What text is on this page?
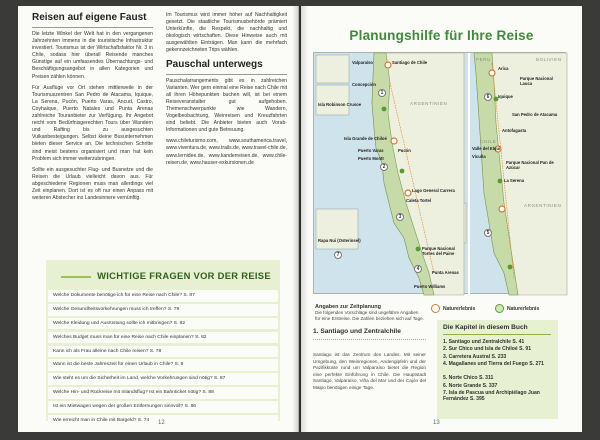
Reisen auf eigene Faust

Die letzte Winkel der Welt hat in den vergangenen Jahrzehnten immens in die touristische Infrastruktur investiert. Tourismus ist der Wirtschaftsfaktor Nr. 3 in Chile, sodass hier überall Reisende manches Günstige auf ein umfassendes Übernachtungs- und Beschäftigungsangebot in allen Kategorien und Preisen zählen können.

Für Ausflüge vor Ort stehen mittlerweile in der Tourismuszentren San Pedro de Atacama, Iquique, La Serena, Pucón, Puerto Varas, Ancud, Castro, Coyhaique, Puerto Natales und Punta Arenas zahlreiche Touranbieter zur Verfügung. Ihr Angebot reicht vom Bedürfnisgerechten Tours über Wandern und Rafting bis zu ausgesuchten Vulkanbesteigungen. Selbst kleine Busunternehmen bieten dieser Service an. Die technischen Schritte sind meist bestens organisiert und man hat kein Problem sich immer weiterzubringen.

Sollte ein ausgesuchter Flug- und Busnetze und die Reisen die Urlaub vielleicht davon aus. Für abgeschiedene Regionen muss man allerdings viel Zeit einplanen. Dort ist es oft nur einen Anpass mit weiteren Abstecher ins Landesinnere vernünftig.

Im Tourismus wird immer höher auf Nachhaltigkeit gesetzt. Die staatliche Tourismusbehörde prämiert Unterkünfte, die Respekt, die nachhaltig und ökologisch wirtschaften. Diese Hinweise auch mit ausgewählten Einträgen. Man kann die mehrfach gekennzeichneten Trips wählen.

Pauschal unterwegs

Pauschalarrangements gibt es in zahlreichen Varianten. Wer gern einmal eine Reise nach Chile mit all ihren Höhepunkten buchen will, ist bei einem Reiseveranstalter gut aufgehoben. Themenschwerpunkte wie Wandern, Vogelbeobachtung, Weinreisen und Kreuzfahrten sind beliebt. Die Anbieter bieten auch Vorab-Informationen und gute Betreuung.

www.chileturismo.com, www.southamerica.travel, www.viventura.de, www.trails.de, www.travel-chile.de, www.lernidee.de, www.kanderreisen.de, www.chile-reisen.de, www.hauser-exkursionen.de

WICHTIGE FRAGEN VOR DER REISE
Welche Dokumente benötige ich für eine Reise nach Chile? S. 87
Welche Gesundheitsvorkehrungen muss ich treffen? S. 79
Welche Kleidung und Ausrüstung sollte ich mitbringen? S. 82
Welches Budget muss man für eine Reise nach Chile einplanen? S. 82
Kann ich als Frau alleine nach Chile reisen? S. 78
Wann ist die beste Jahreszeit für einen Urlaub in Chile? S. 8
Wie steht es um die Sicherheit im Land, welche Vorkehrungen sind nötig? S. 87
Welche Hin- und Rückreise mit Inlandsflug? Ist ein Bahnticket nötig? S. 88
Ist ein Mietwagen wegen der großen Entfernungen sinnvoll? S. 86
Wie erreicht man in Chile mit Bargeld? S. 74	12
Planungshilfe für Ihre Reise
ARGENTINIEN
PERU	BOLIVIEN
CHILE
ARGENTINIEN
Santiago de Chile
Valparaíso
Concepción
Isla Grande de Chiloé
Lago General Carrera
Caleta Tortel
Parque Nacional Torres del Paine
Punta Arenas
Puerto Williams
Arica
Parque Nacional Lauca
Iquique
San Pedro de Atacama
Antofagasta
Parque Nacional Pan de Azúcar
La Serena
Valle del Elqui
Vicuña
Isla Robinson Crusoe
Rapa Nui (Osterinsel)
Pucón
Puerto Montt
Puerto Varas
1
2
3
4
5
6
7
Angaben zur Zeitplanung
Die folgenden Vorschläge sind ungefähre Angaben für eine Erstreise. Die Zahlen beziehen sich auf Tage.
Naturerlebnis	Naturerlebnis
1. Santiago und Zentralchile
Santiago ist das Zentrum des Landes. Mit seiner Umgebung, den Weinregionen, Andengipfeln und der Pazifikküste rund um Valparaíso bietet die Region eine perfekte Einführung in Chile. Die Hauptstadt Santiago, Valparaíso, Viña del Mar und der Cajón del Maipo benötigen einige Tage.
Die Kapitel in diesem Buch
1. Santiago und Zentralchile S. 41
2. Sur Chico und Isla de Chiloé S. 91
3. Carretera Austral S. 233
4. Magallanes und Tierra del Fuego S. 271
5. Norte Chico S. 311
6. Norte Grande S. 337
7. Isla de Pascua und Archipiélago Juan Fernández S. 395
13
